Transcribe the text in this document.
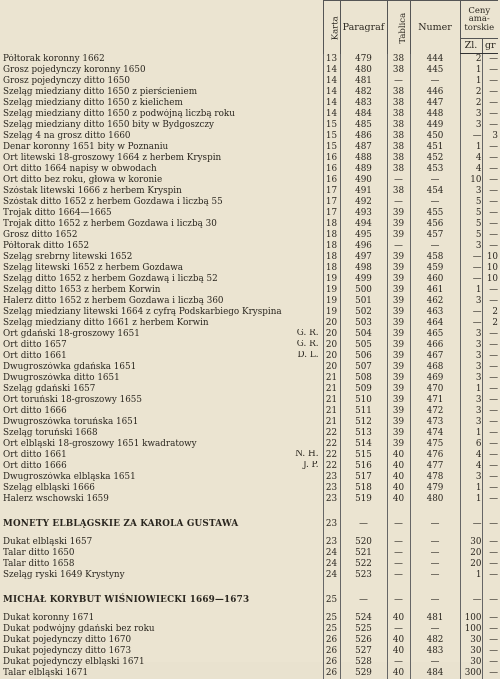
	Karta	Paragraf	Tablica	Numer	Ceny
ama-
torskie	
					Zl.	gr
Półtorak koronny 1662	13	479	38	444	2	—
Grosz pojedynczy koronny 1650	14	480	38	445	1	—
Grosz pojedynczy ditto 1650	14	481	—	—	1	—
Szeląg miedziany ditto 1650 z pierścieniem	14	482	38	446	2	—
Szeląg miedziany ditto 1650 z kielichem	14	483	38	447	2	—
Szeląg miedziany ditto 1650 z podwójną liczbą roku	14	484	38	448	3	—
Szeląg miedziany ditto 1650 bity w Bydgoszczy	15	485	38	449	3	—
Szeląg 4 na grosz ditto 1660	15	486	38	450	—	3
Denar koronny 1651 bity w Poznaniu	15	487	38	451	1	—
Ort litewski 18-groszowy 1664 z herbem Kryspin	16	488	38	452	4	—
Ort ditto 1664 napisy w obwodach	16	489	38	453	4	—
Ort ditto bez roku, głowa w koronie	16	490	—	—	10	—
Szóstak litewski 1666 z herbem Kryspin	17	491	38	454	3	—
Szóstak ditto 1652 z herbem Gozdawa i liczbą 55	17	492	—	—	5	—
Trojak ditto 1664—1665	17	493	39	455	5	—
Trojak ditto 1652 z herbem Gozdawa i liczbą 30	18	494	39	456	5	—
Grosz ditto 1652	18	495	39	457	5	—
Półtorak ditto 1652	18	496	—	—	3	—
Szeląg srebrny litewski 1652	18	497	39	458	—	10
Szeląg litewski 1652 z herbem Gozdawa	18	498	39	459	—	10
Szeląg ditto 1652 z herbem Gozdawą i liczbą 52	19	499	39	460	—	10
Szeląg ditto 1653 z herbem Korwin	19	500	39	461	1	—
Halerz ditto 1652 z herbem Gozdawa i liczbą 360	19	501	39	462	3	—
Szeląg miedziany litewski 1664 z cyfrą Podskarbiego Kryspina	19	502	39	463	—	2
Szeląg miedziany ditto 1661 z herbem Korwin	20	503	39	464	—	2
Ort gdański 18-groszowy 1651 G. R.	20	504	39	465	3	—
Ort ditto 1657 G. R.	20	505	39	466	3	—
Ort ditto 1661 D. L.	20	506	39	467	3	—
Dwugroszówka gdańska 1651	20	507	39	468	3	—
Dwugroszówka ditto 1651	21	508	39	469	3	—
Szeląg gdański 1657	21	509	39	470	1	—
Ort toruński 18-groszowy 1655	21	510	39	471	3	—
Ort ditto 1666	21	511	39	472	3	—
Dwugroszówka toruńska 1651	21	512	39	473	3	—
Szeląg toruński 1668	22	513	39	474	1	—
Ort elbląski 18-groszowy 1651 kwadratowy	22	514	39	475	6	—
Ort ditto 1661 N. H.	22	515	40	476	4	—
Ort ditto 1666 J. P.	22	516	40	477	4	—
Dwugroszówka elbląska 1651	23	517	40	478	3	—
Szeląg elbląski 1666	23	518	40	479	1	—
Halerz wschowski 1659	23	519	40	480	1	—

MONETY ELBLĄGSKIE ZA KAROLA GUSTAWA	23	—	—	—	—	—
Dukat elbląski 1657	23	520	—	—	30	—
Talar ditto 1650	24	521	—	—	20	—
Talar ditto 1658	24	522	—	—	20	—
Szeląg ryski 1649 Krystyny	24	523	—	—	1	—

MICHAŁ KORYBUT WIŚNIOWIECKI 1669—1673	25	—	—	—	—	—
Dukat koronny 1671	25	524	40	481	100	—
Dukat podwójny gdański bez roku	25	525	—	—	100	—
Dukat pojedynczy ditto 1670	26	526	40	482	30	—
Dukat pojedynczy ditto 1673	26	527	40	483	30	—
Dukat pojedynczy elbląski 1671	26	528	—	—	30	—
Talar elbląski 1671	26	529	40	484	300	—
